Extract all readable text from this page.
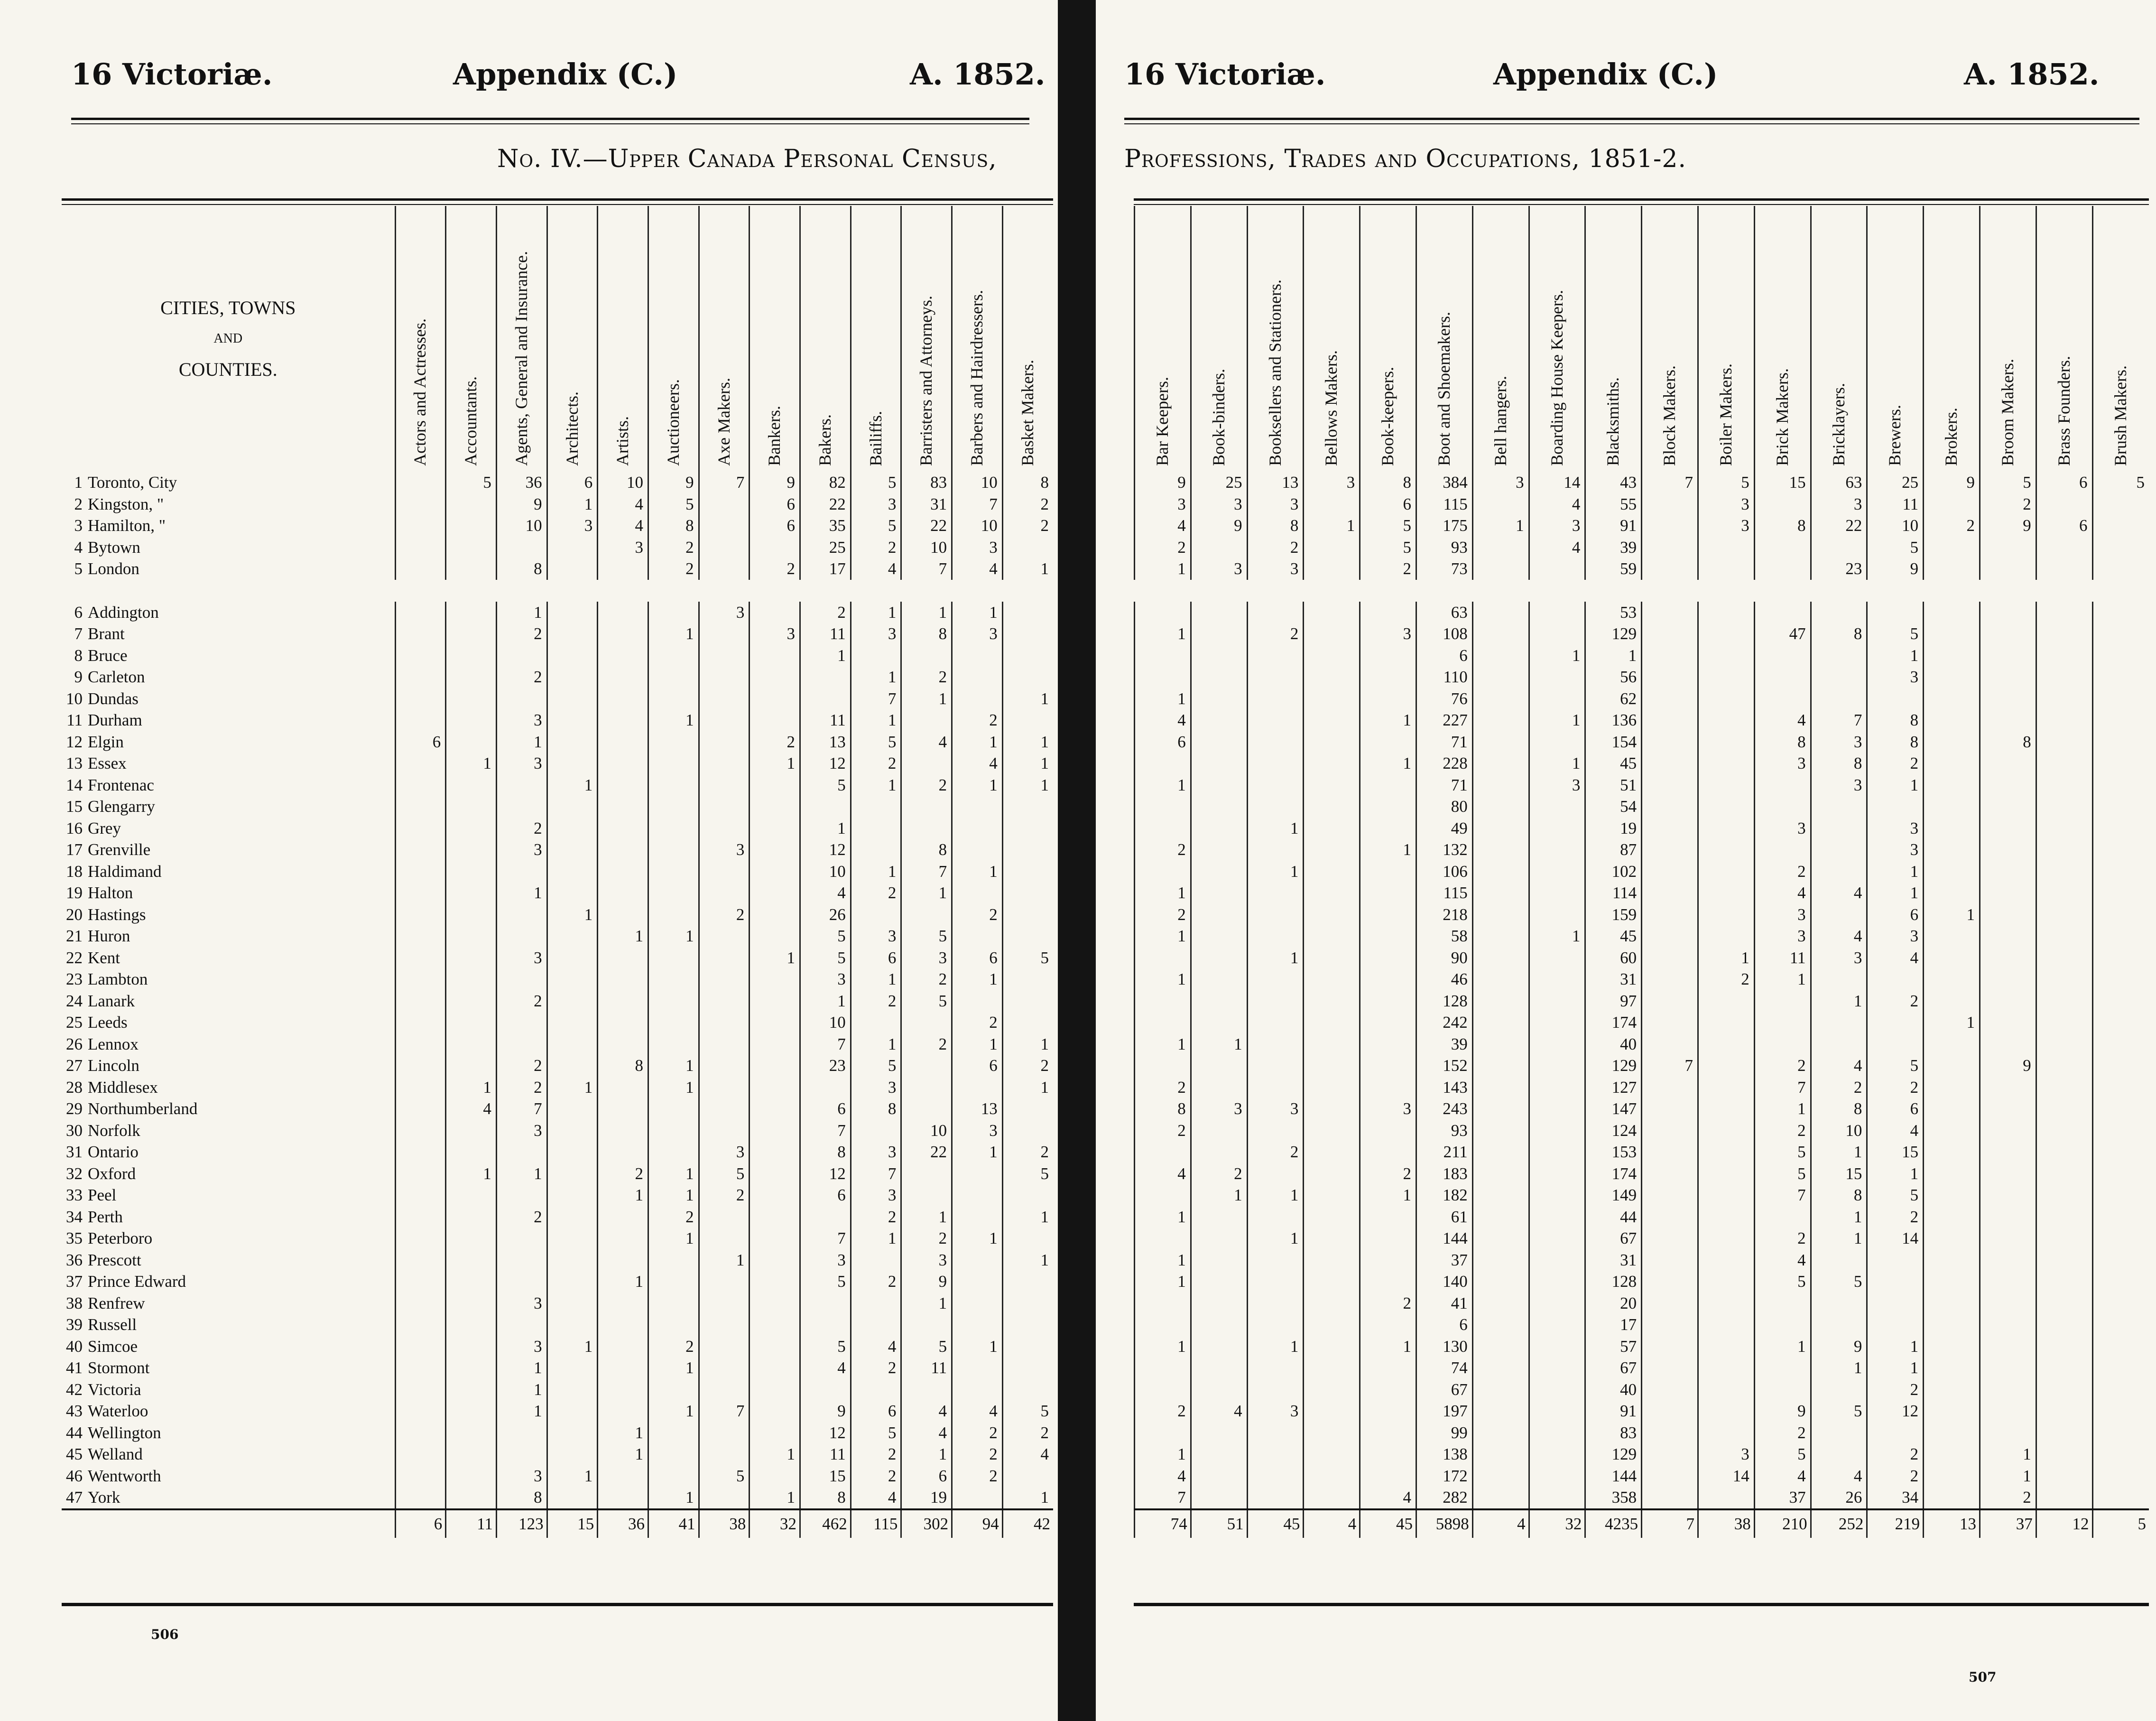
16 Victoriæ.	Appendix (C.)	A. 1852.
No. IV.—Upper Canada Personal Census,
CITIES, TOWNS
AND
COUNTIES.		Actors and Actresses.	Accountants.	Agents, General and Insurance.	Architects.	Artists.	Auctioneers.	Axe Makers.	Bankers.	Bakers.	Bailiffs.	Barristers and Attorneys.	Barbers and Hairdressers.	Basket Makers.

1	Toronto, City		5	36	6	10	9	7	9	82	5	83	10	8
2	Kingston, "			9	1	4	5		6	22	3	31	7	2
3	Hamilton, "			10	3	4	8		6	35	5	22	10	2
4	Bytown					3	2			25	2	10	3	
5	London			8			2		2	17	4	7	4	1

6	Addington			1				3		2	1	1	1	
7	Brant			2			1		3	11	3	8	3	
8	Bruce									1				
9	Carleton			2							1	2		
10	Dundas										7	1		1
11	Durham			3			1			11	1		2	
12	Elgin	6		1					2	13	5	4	1	1
13	Essex		1	3					1	12	2		4	1
14	Frontenac				1					5	1	2	1	1
15	Glengarry													
16	Grey			2						1				
17	Grenville			3				3		12		8		
18	Haldimand									10	1	7	1	
19	Halton			1						4	2	1		
20	Hastings				1			2		26			2	
21	Huron					1	1			5	3	5		
22	Kent			3					1	5	6	3	6	5
23	Lambton									3	1	2	1	
24	Lanark			2						1	2	5		
25	Leeds									10			2	
26	Lennox									7	1	2	1	1
27	Lincoln			2		8	1			23	5		6	2
28	Middlesex		1	2	1		1				3			1
29	Northumberland		4	7						6	8		13	
30	Norfolk			3						7		10	3	
31	Ontario							3		8	3	22	1	2
32	Oxford		1	1		2	1	5		12	7			5
33	Peel					1	1	2		6	3			
34	Perth			2			2				2	1		1
35	Peterboro						1			7	1	2	1	
36	Prescott							1		3		3		1
37	Prince Edward					1				5	2	9		
38	Renfrew			3								1		
39	Russell													
40	Simcoe			3	1		2			5	4	5	1	
41	Stormont			1			1			4	2	11		
42	Victoria			1										
43	Waterloo			1			1	7		9	6	4	4	5
44	Wellington					1				12	5	4	2	2
45	Welland					1			1	11	2	1	2	4
46	Wentworth			3	1			5		15	2	6	2	
47	York			8			1		1	8	4	19		1
		6	11	123	15	36	41	38	32	462	115	302	94	42
506
16 Victoriæ.	Appendix (C.)	A. 1852.
Professions, Trades and Occupations, 1851-2.
Bar Keepers.	Book-binders.	Booksellers and Stationers.	Bellows Makers.	Book-keepers.	Boot and Shoemakers.	Bell hangers.	Boarding House Keepers.	Blacksmiths.	Block Makers.	Boiler Makers.	Brick Makers.	Bricklayers.	Brewers.	Brokers.	Broom Makers.	Brass Founders.	Brush Makers.

9	25	13	3	8	384	3	14	43	7	5	15	63	25	9	5	6	5
3	3	3		6	115		4	55		3		3	11		2		
4	9	8	1	5	175	1	3	91		3	8	22	10	2	9	6	
2		2		5	93		4	39					5				
1	3	3		2	73			59				23	9				

					63			53									
1		2		3	108			129			47	8	5				
					6		1	1					1				
					110			56					3				
1					76			62									
4				1	227		1	136			4	7	8				
6					71			154			8	3	8		8		
				1	228		1	45			3	8	2				
1					71		3	51				3	1				
					80			54									
		1			49			19			3		3				
2				1	132			87					3				
		1			106			102			2		1				
1					115			114			4	4	1				
2					218			159			3		6	1			
1					58		1	45			3	4	3				
		1			90			60		1	11	3	4				
1					46			31		2	1						
					128			97				1	2				
					242			174						1			
1	1				39			40									
					152			129	7		2	4	5		9		
2					143			127			7	2	2				
8	3	3		3	243			147			1	8	6				
2					93			124			2	10	4				
		2			211			153			5	1	15				
4	2			2	183			174			5	15	1				
	1	1		1	182			149			7	8	5				
1					61			44				1	2				
		1			144			67			2	1	14				
1					37			31			4						
1					140			128			5	5					
				2	41			20									
					6			17									
1		1		1	130			57			1	9	1				
					74			67				1	1				
					67			40					2				
2	4	3			197			91			9	5	12				
					99			83			2						
1					138			129		3	5		2		1		
4					172			144		14	4	4	2		1		
7				4	282			358			37	26	34		2		
74	51	45	4	45	5898	4	32	4235	7	38	210	252	219	13	37	12	5
507
